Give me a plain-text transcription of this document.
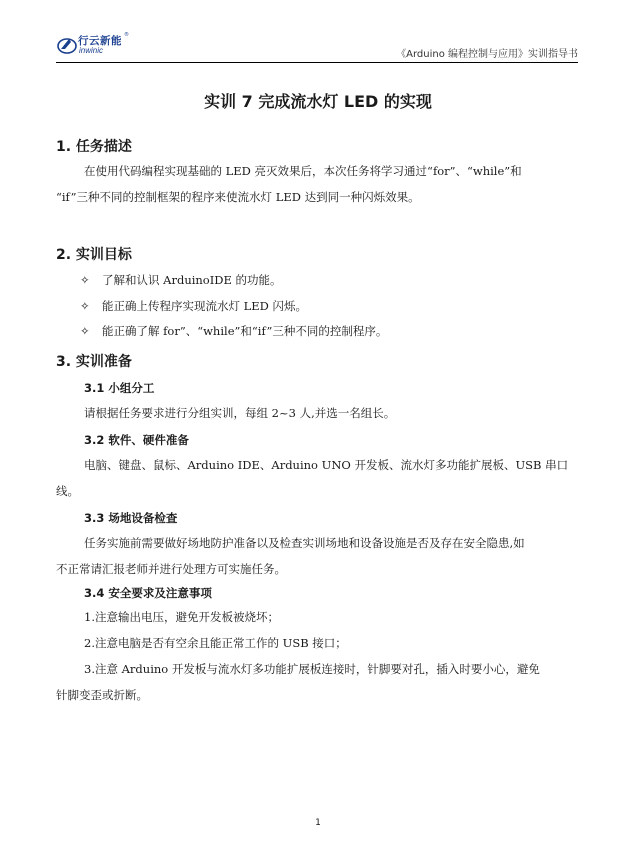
行云新能 ®
inwinic	《Arduino 编程控制与应用》实训指导书
实训 7 完成流水灯 LED 的实现
1. 任务描述
在使用代码编程实现基础的 LED 亮灭效果后，本次任务将学习通过“for”、“while”和
“if”三种不同的控制框架的程序来使流水灯 LED 达到同一种闪烁效果。
2. 实训目标
✧ 了解和认识 ArduinoIDE 的功能。
✧ 能正确上传程序实现流水灯 LED 闪烁。
✧ 能正确了解 for”、“while”和“if”三种不同的控制程序。
3. 实训准备
3.1 小组分工
请根据任务要求进行分组实训，每组 2~3 人,并选一名组长。
3.2 软件、硬件准备
电脑、键盘、鼠标、Arduino IDE、Arduino UNO 开发板、流水灯多功能扩展板、USB 串口
线。
3.3 场地设备检查
任务实施前需要做好场地防护准备以及检查实训场地和设备设施是否及存在安全隐患,如
不正常请汇报老师并进行处理方可实施任务。
3.4 安全要求及注意事项
1.注意输出电压，避免开发板被烧坏；
2.注意电脑是否有空余且能正常工作的 USB 接口；
3.注意 Arduino 开发板与流水灯多功能扩展板连接时，针脚要对孔，插入时要小心，避免
针脚变歪或折断。
1
